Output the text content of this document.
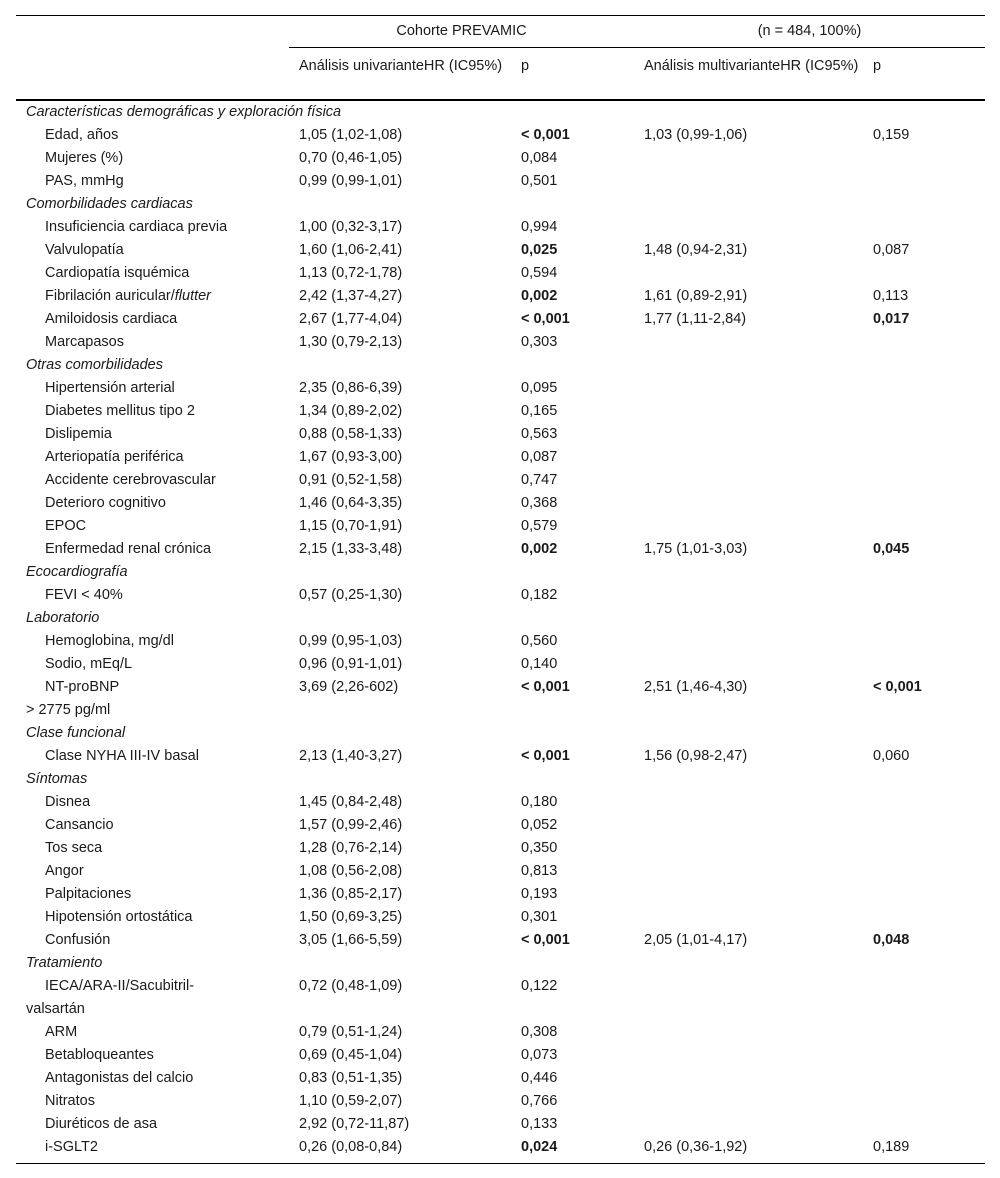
	Cohorte PREVAMIC		(n = 484, 100%)	
	Análisis univarianteHR (IC95%)	p	Análisis multivarianteHR (IC95%)	p
Características demográficas y exploración física				
Edad, años	1,05 (1,02-1,08)	< 0,001	1,03 (0,99-1,06)	0,159
Mujeres (%)	0,70 (0,46-1,05)	0,084		
PAS, mmHg	0,99 (0,99-1,01)	0,501		
Comorbilidades cardiacas				
Insuficiencia cardiaca previa	1,00 (0,32-3,17)	0,994		
Valvulopatía	1,60 (1,06-2,41)	0,025	1,48 (0,94-2,31)	0,087
Cardiopatía isquémica	1,13 (0,72-1,78)	0,594		
Fibrilación auricular/flutter	2,42 (1,37-4,27)	0,002	1,61 (0,89-2,91)	0,113
Amiloidosis cardiaca	2,67 (1,77-4,04)	< 0,001	1,77 (1,11-2,84)	0,017
Marcapasos	1,30 (0,79-2,13)	0,303		
Otras comorbilidades				
Hipertensión arterial	2,35 (0,86-6,39)	0,095		
Diabetes mellitus tipo 2	1,34 (0,89-2,02)	0,165		
Dislipemia	0,88 (0,58-1,33)	0,563		
Arteriopatía periférica	1,67 (0,93-3,00)	0,087		
Accidente cerebrovascular	0,91 (0,52-1,58)	0,747		
Deterioro cognitivo	1,46 (0,64-3,35)	0,368		
EPOC	1,15 (0,70-1,91)	0,579		
Enfermedad renal crónica	2,15 (1,33-3,48)	0,002	1,75 (1,01-3,03)	0,045
Ecocardiografía				
FEVI < 40%	0,57 (0,25-1,30)	0,182		
Laboratorio				
Hemoglobina, mg/dl	0,99 (0,95-1,03)	0,560		
Sodio, mEq/L	0,96 (0,91-1,01)	0,140		
NT-proBNP
> 2775 pg/ml	3,69 (2,26-602)	< 0,001	2,51 (1,46-4,30)	< 0,001
Clase funcional				
Clase NYHA III-IV basal	2,13 (1,40-3,27)	< 0,001	1,56 (0,98-2,47)	0,060
Síntomas				
Disnea	1,45 (0,84-2,48)	0,180		
Cansancio	1,57 (0,99-2,46)	0,052		
Tos seca	1,28 (0,76-2,14)	0,350		
Angor	1,08 (0,56-2,08)	0,813		
Palpitaciones	1,36 (0,85-2,17)	0,193		
Hipotensión ortostática	1,50 (0,69-3,25)	0,301		
Confusión	3,05 (1,66-5,59)	< 0,001	2,05 (1,01-4,17)	0,048
Tratamiento				
IECA/ARA-II/Sacubitril-
valsartán	0,72 (0,48-1,09)	0,122		
ARM	0,79 (0,51-1,24)	0,308		
Betabloqueantes	0,69 (0,45-1,04)	0,073		
Antagonistas del calcio	0,83 (0,51-1,35)	0,446		
Nitratos	1,10 (0,59-2,07)	0,766		
Diuréticos de asa	2,92 (0,72-11,87)	0,133		
i-SGLT2	0,26 (0,08-0,84)	0,024	0,26 (0,36-1,92)	0,189
